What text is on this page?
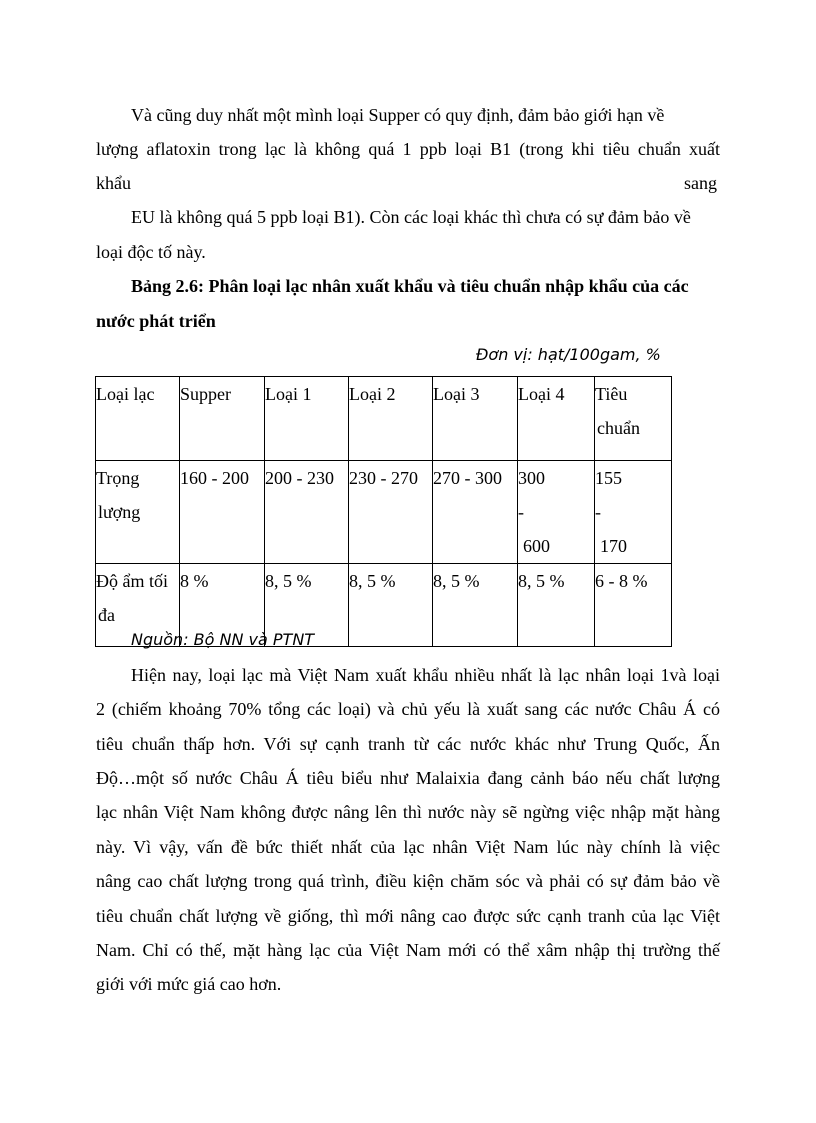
Và cũng duy nhất một mình loại Supper có quy định, đảm bảo giới hạn về
lượng aflatoxin trong lạc là không quá 1 ppb loại B1 (trong khi tiêu chuẩn xuất
khẩu	sang
EU là không quá 5 ppb loại B1). Còn các loại khác thì chưa có sự đảm bảo về
loại độc tố này.
Bảng 2.6: Phân loại lạc nhân xuất khẩu và tiêu chuẩn nhập khẩu của các
nước phát triển
Đơn vị: hạt/100gam, %
Loại lạc	Supper	Loại 1	Loại 2	Loại 3	Loại 4	Tiêu
chuẩn

Trọng
lượng	160 - 200	200 - 230	230 - 270	270 - 300	300
-
600	155
-
170

Độ ẩm tối
đa	8 %	8, 5 %	8, 5 %	8, 5 %	8, 5 %	6 - 8 %
Nguồn: Bộ NN và PTNT
Hiện nay, loại lạc mà Việt Nam xuất khẩu nhiều nhất là lạc nhân loại 1và loại
2 (chiếm khoảng 70% tổng các loại) và chủ yếu là xuất sang các nước Châu Á có
tiêu chuẩn thấp hơn. Với sự cạnh tranh từ các nước khác như Trung Quốc, Ấn
Độ…một số nước Châu Á tiêu biểu như Malaixia đang cảnh báo nếu chất lượng
lạc nhân Việt Nam không được nâng lên thì nước này sẽ ngừng việc nhập mặt hàng
này. Vì vậy, vấn đề bức thiết nhất của lạc nhân Việt Nam lúc này chính là việc
nâng cao chất lượng trong quá trình, điều kiện chăm sóc và phải có sự đảm bảo về
tiêu chuẩn chất lượng về giống, thì mới nâng cao được sức cạnh tranh của lạc Việt
Nam. Chỉ có thế, mặt hàng lạc của Việt Nam mới có thể xâm nhập thị trường thế
giới với mức giá cao hơn.
